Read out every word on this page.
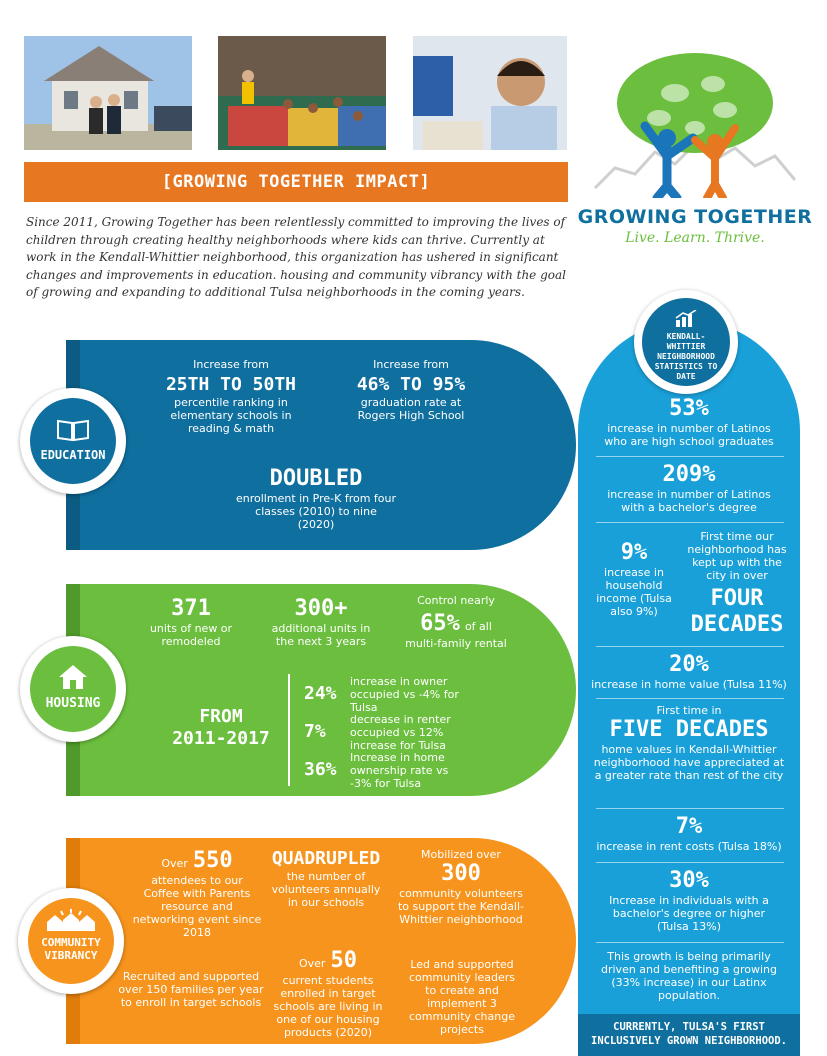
GROWING TOGETHER
Live. Learn. Thrive.
[GROWING TOGETHER IMPACT]
Since 2011, Growing Together has been relentlessly committed to improving the lives of children through creating healthy neighborhoods where kids can thrive. Currently at work in the Kendall-Whittier neighborhood, this organization has ushered in significant changes and improvements in education. housing and community vibrancy with the goal of growing and expanding to additional Tulsa neighborhoods in the coming years.
Increase from
25TH TO 50TH
percentile ranking in elementary schools in reading & math
Increase from
46% TO 95%
graduation rate at Rogers High School
DOUBLED
enrollment in Pre-K from four classes (2010) to nine (2020)
EDUCATION
371
units of new or remodeled
300+
additional units in the next 3 years
Control nearly
65% of all
multi-family rental
FROM
2011-2017
24%
increase in owner occupied vs -4% for Tulsa
7%
decrease in renter occupied vs 12% increase for Tulsa
36%
Increase in home ownership rate vs -3% for Tulsa
HOUSING
Over 550
attendees to our Coffee with Parents resource and networking event since 2018
QUADRUPLED
the number of volunteers annually in our schools
Mobilized over
300
community volunteers to support the Kendall-Whittier neighborhood
Recruited and supported over 150 families per year to enroll in target schools
Over 50
current students enrolled in target schools are living in one of our housing products (2020)
Led and supported community leaders to create and implement 3 community change projects
COMMUNITY
VIBRANCY
KENDALL-WHITTIER NEIGHBORHOOD STATISTICS TO DATE
53%
increase in number of Latinos who are high school graduates
209%
increase in number of Latinos with a bachelor's degree
9%
increase in household income (Tulsa also 9%)
First time our neighborhood has kept up with the city in over
FOUR DECADES
20%
increase in home value (Tulsa 11%)
First time in
FIVE DECADES
home values in Kendall-Whittier neighborhood have appreciated at a greater rate than rest of the city
7%
increase in rent costs (Tulsa 18%)
30%
Increase in individuals with a bachelor's degree or higher (Tulsa 13%)
This growth is being primarily driven and benefiting a growing (33% increase) in our Latinx population.
CURRENTLY, TULSA'S FIRST INCLUSIVELY GROWN NEIGHBORHOOD.
